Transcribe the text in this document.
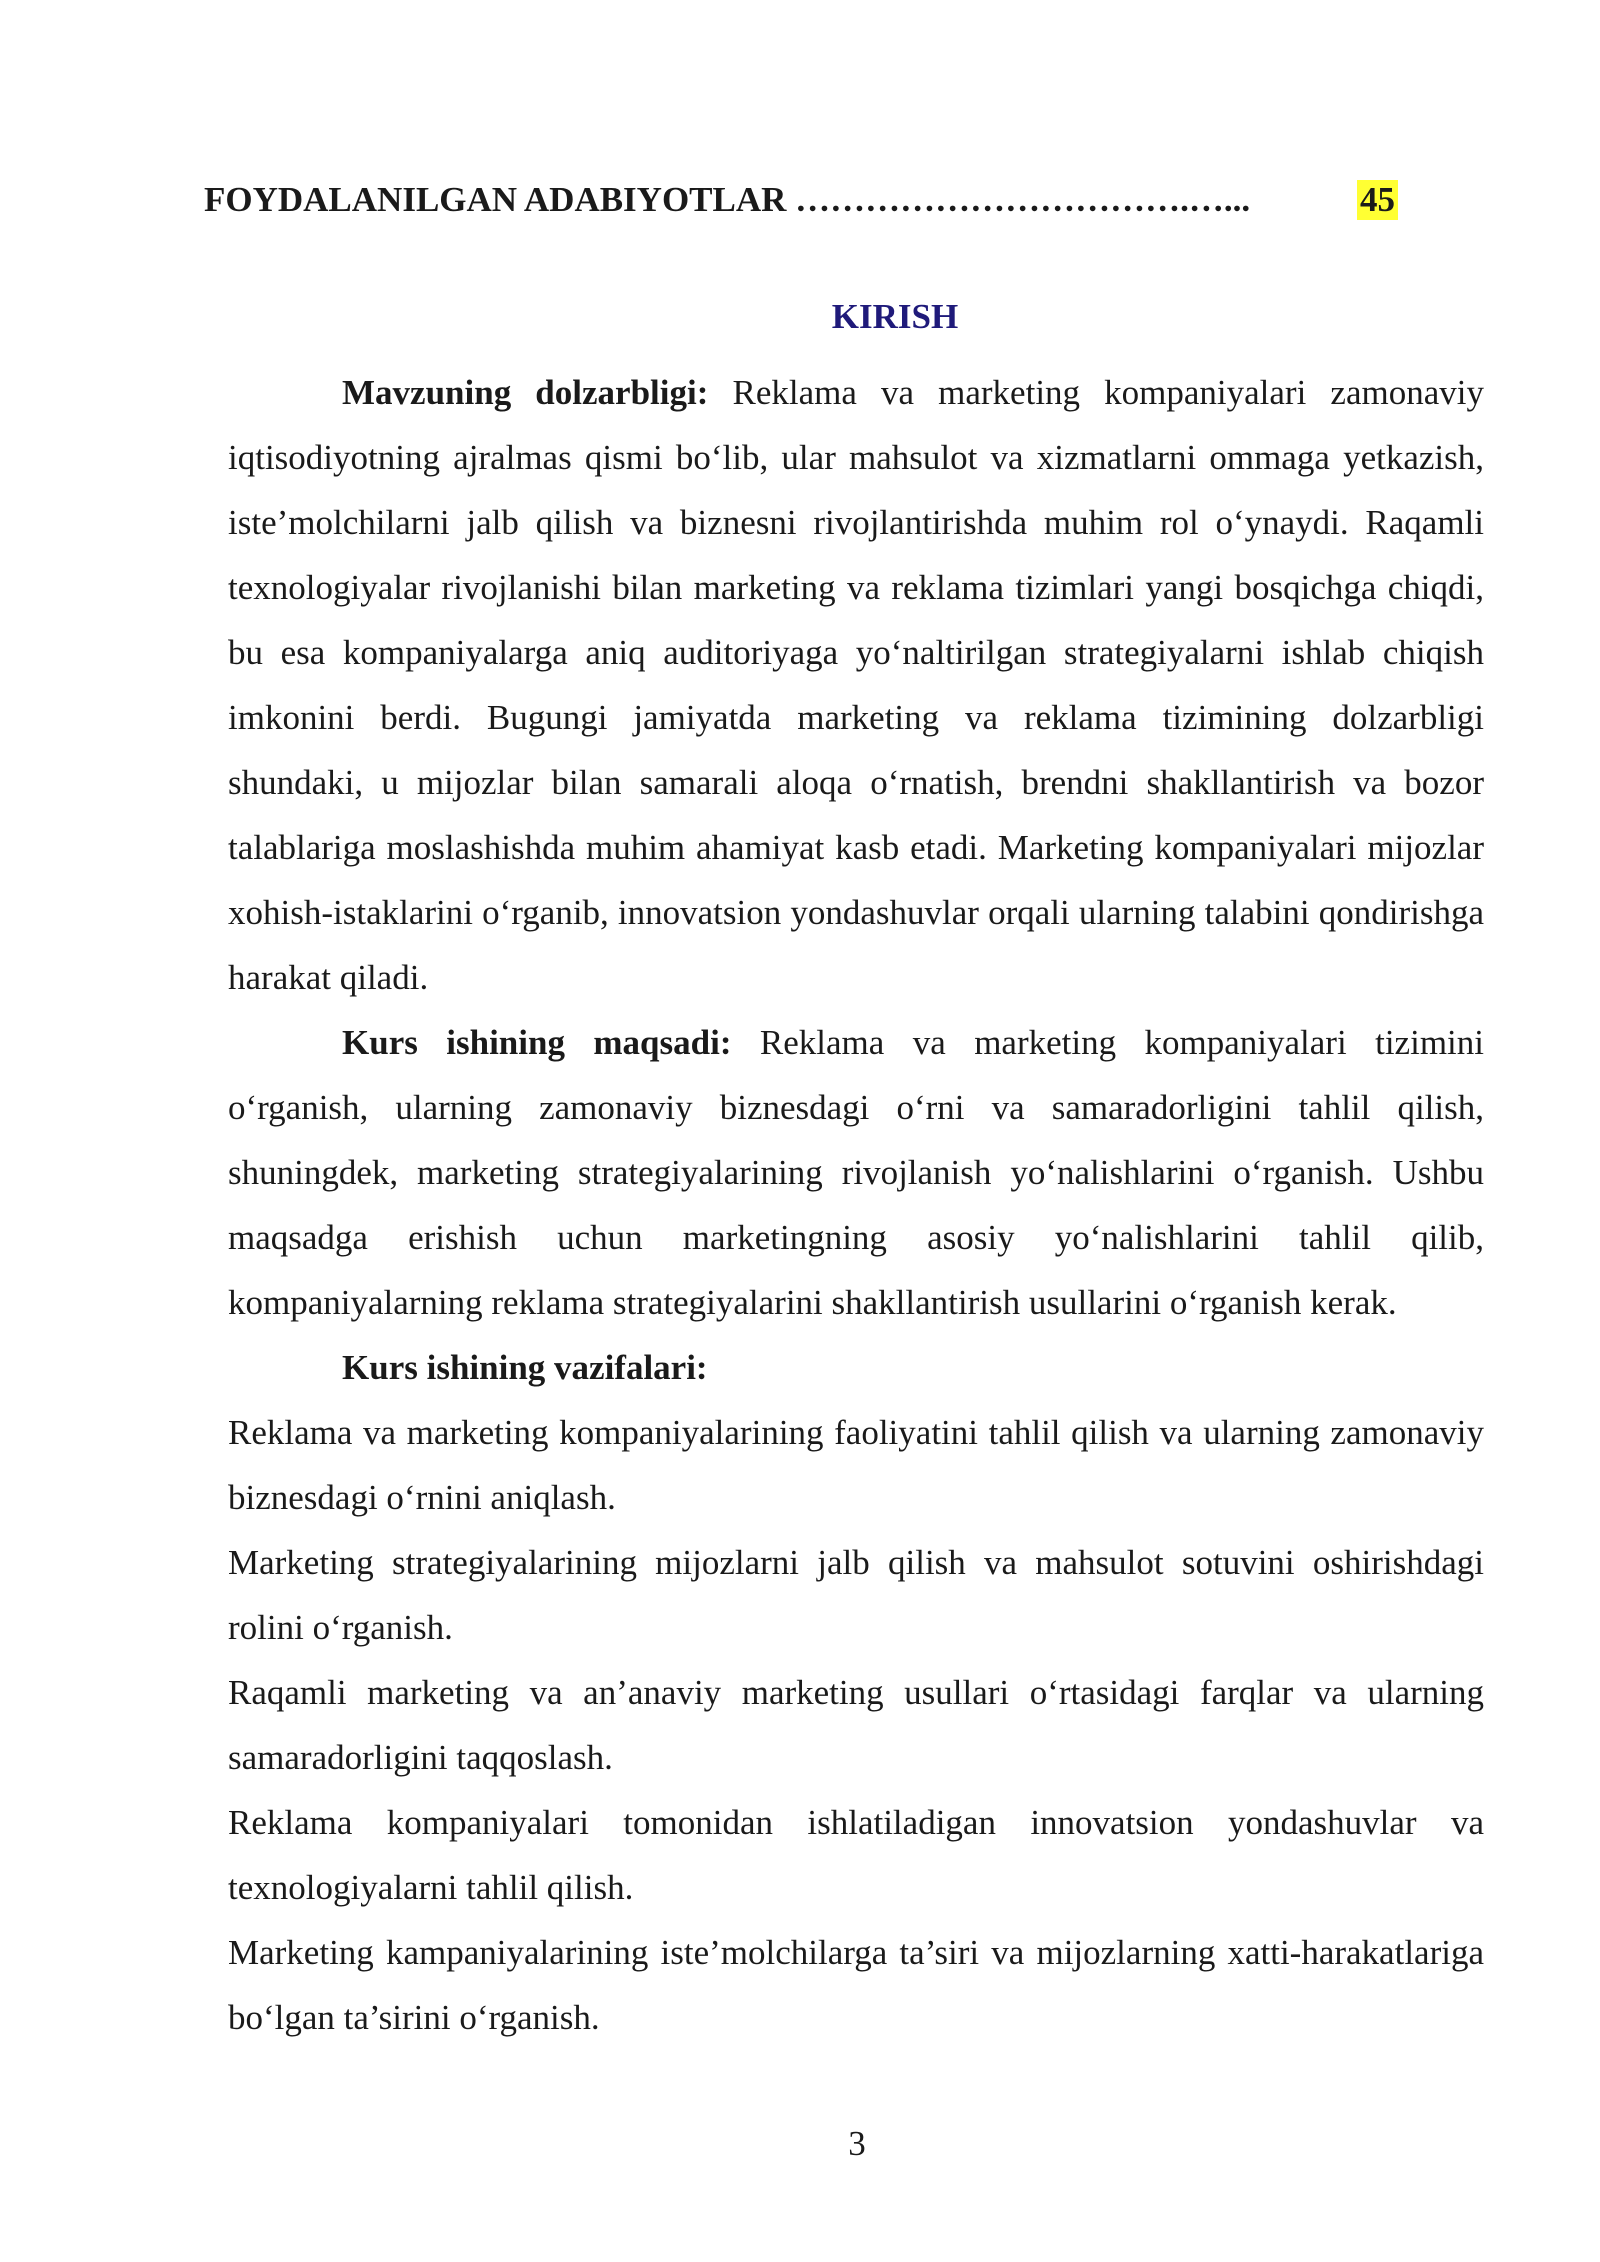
FOYDALANILGAN ADABIYOTLAR …………………………….…...	45
KIRISH

Mavzuning dolzarbligi: Reklama va marketing kompaniyalari zamonaviy iqtisodiyotning ajralmas qismi bo‘lib, ular mahsulot va xizmatlarni ommaga yetkazish, iste’molchilarni jalb qilish va biznesni rivojlantirishda muhim rol o‘ynaydi. Raqamli texnologiyalar rivojlanishi bilan marketing va reklama tizimlari yangi bosqichga chiqdi, bu esa kompaniyalarga aniq auditoriyaga yo‘naltirilgan strategiyalarni ishlab chiqish imkonini berdi. Bugungi jamiyatda marketing va reklama tizimining dolzarbligi shundaki, u mijozlar bilan samarali aloqa o‘rnatish, brendni shakllantirish va bozor talablariga moslashishda muhim ahamiyat kasb etadi. Marketing kompaniyalari mijozlar xohish-istaklarini o‘rganib, innovatsion yondashuvlar orqali ularning talabini qondirishga harakat qiladi.

Kurs ishining maqsadi: Reklama va marketing kompaniyalari tizimini o‘rganish, ularning zamonaviy biznesdagi o‘rni va samaradorligini tahlil qilish, shuningdek, marketing strategiyalarining rivojlanish yo‘nalishlarini o‘rganish. Ushbu maqsadga erishish uchun marketingning asosiy yo‘nalishlarini tahlil qilib, kompaniyalarning reklama strategiyalarini shakllantirish usullarini o‘rganish kerak.

Kurs ishining vazifalari:

Reklama va marketing kompaniyalarining faoliyatini tahlil qilish va ularning zamonaviy biznesdagi o‘rnini aniqlash.

Marketing strategiyalarining mijozlarni jalb qilish va mahsulot sotuvini oshirishdagi rolini o‘rganish.

Raqamli marketing va an’anaviy marketing usullari o‘rtasidagi farqlar va ularning samaradorligini taqqoslash.

Reklama kompaniyalari tomonidan ishlatiladigan innovatsion yondashuvlar va texnologiyalarni tahlil qilish.

Marketing kampaniyalarining iste’molchilarga ta’siri va mijozlarning xatti-harakatlariga bo‘lgan ta’sirini o‘rganish.

3
